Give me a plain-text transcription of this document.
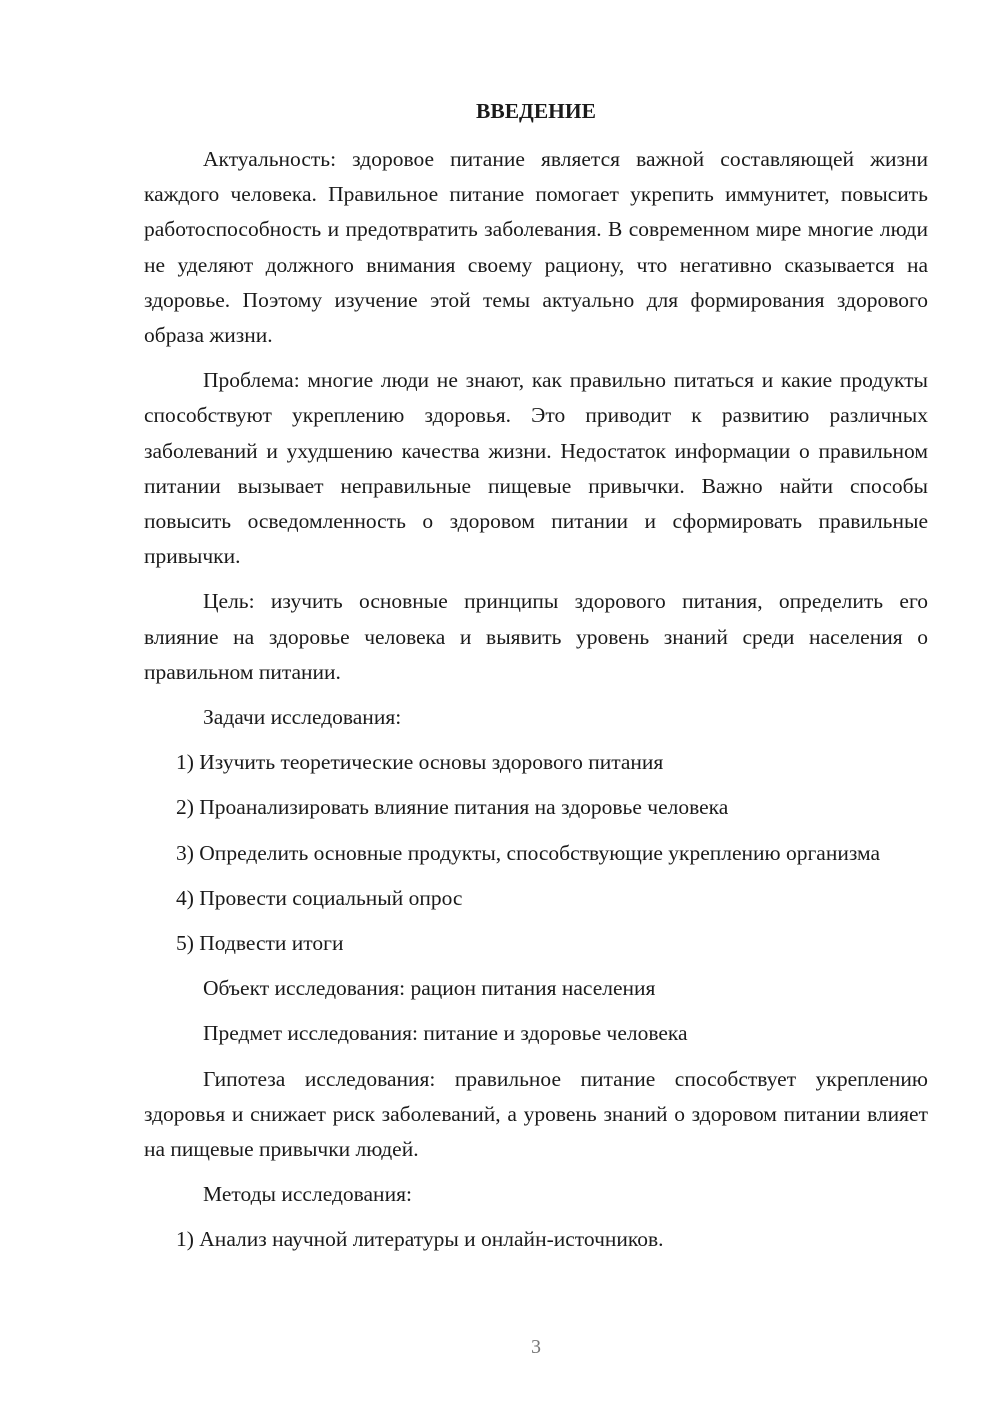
ВВЕДЕНИЕ

Актуальность: здоровое питание является важной составляющей жизни каждого человека. Правильное питание помогает укрепить иммунитет, повысить работоспособность и предотвратить заболевания. В современном мире многие люди не уделяют должного внимания своему рациону, что негативно сказывается на здоровье. Поэтому изучение этой темы актуально для формирования здорового образа жизни.

Проблема: многие люди не знают, как правильно питаться и какие продукты способствуют укреплению здоровья. Это приводит к развитию различных заболеваний и ухудшению качества жизни. Недостаток информации о правильном питании вызывает неправильные пищевые привычки. Важно найти способы повысить осведомленность о здоровом питании и сформировать правильные привычки.

Цель: изучить основные принципы здорового питания, определить его влияние на здоровье человека и выявить уровень знаний среди населения о правильном питании.

Задачи исследования:

1) Изучить теоретические основы здорового питания

2) Проанализировать влияние питания на здоровье человека

3) Определить основные продукты, способствующие укреплению организма

4) Провести социальный опрос

5) Подвести итоги

Объект исследования: рацион питания населения

Предмет исследования: питание и здоровье человека

Гипотеза исследования: правильное питание способствует укреплению здоровья и снижает риск заболеваний, а уровень знаний о здоровом питании влияет на пищевые привычки людей.

Методы исследования:

1) Анализ научной литературы и онлайн-источников.

3
